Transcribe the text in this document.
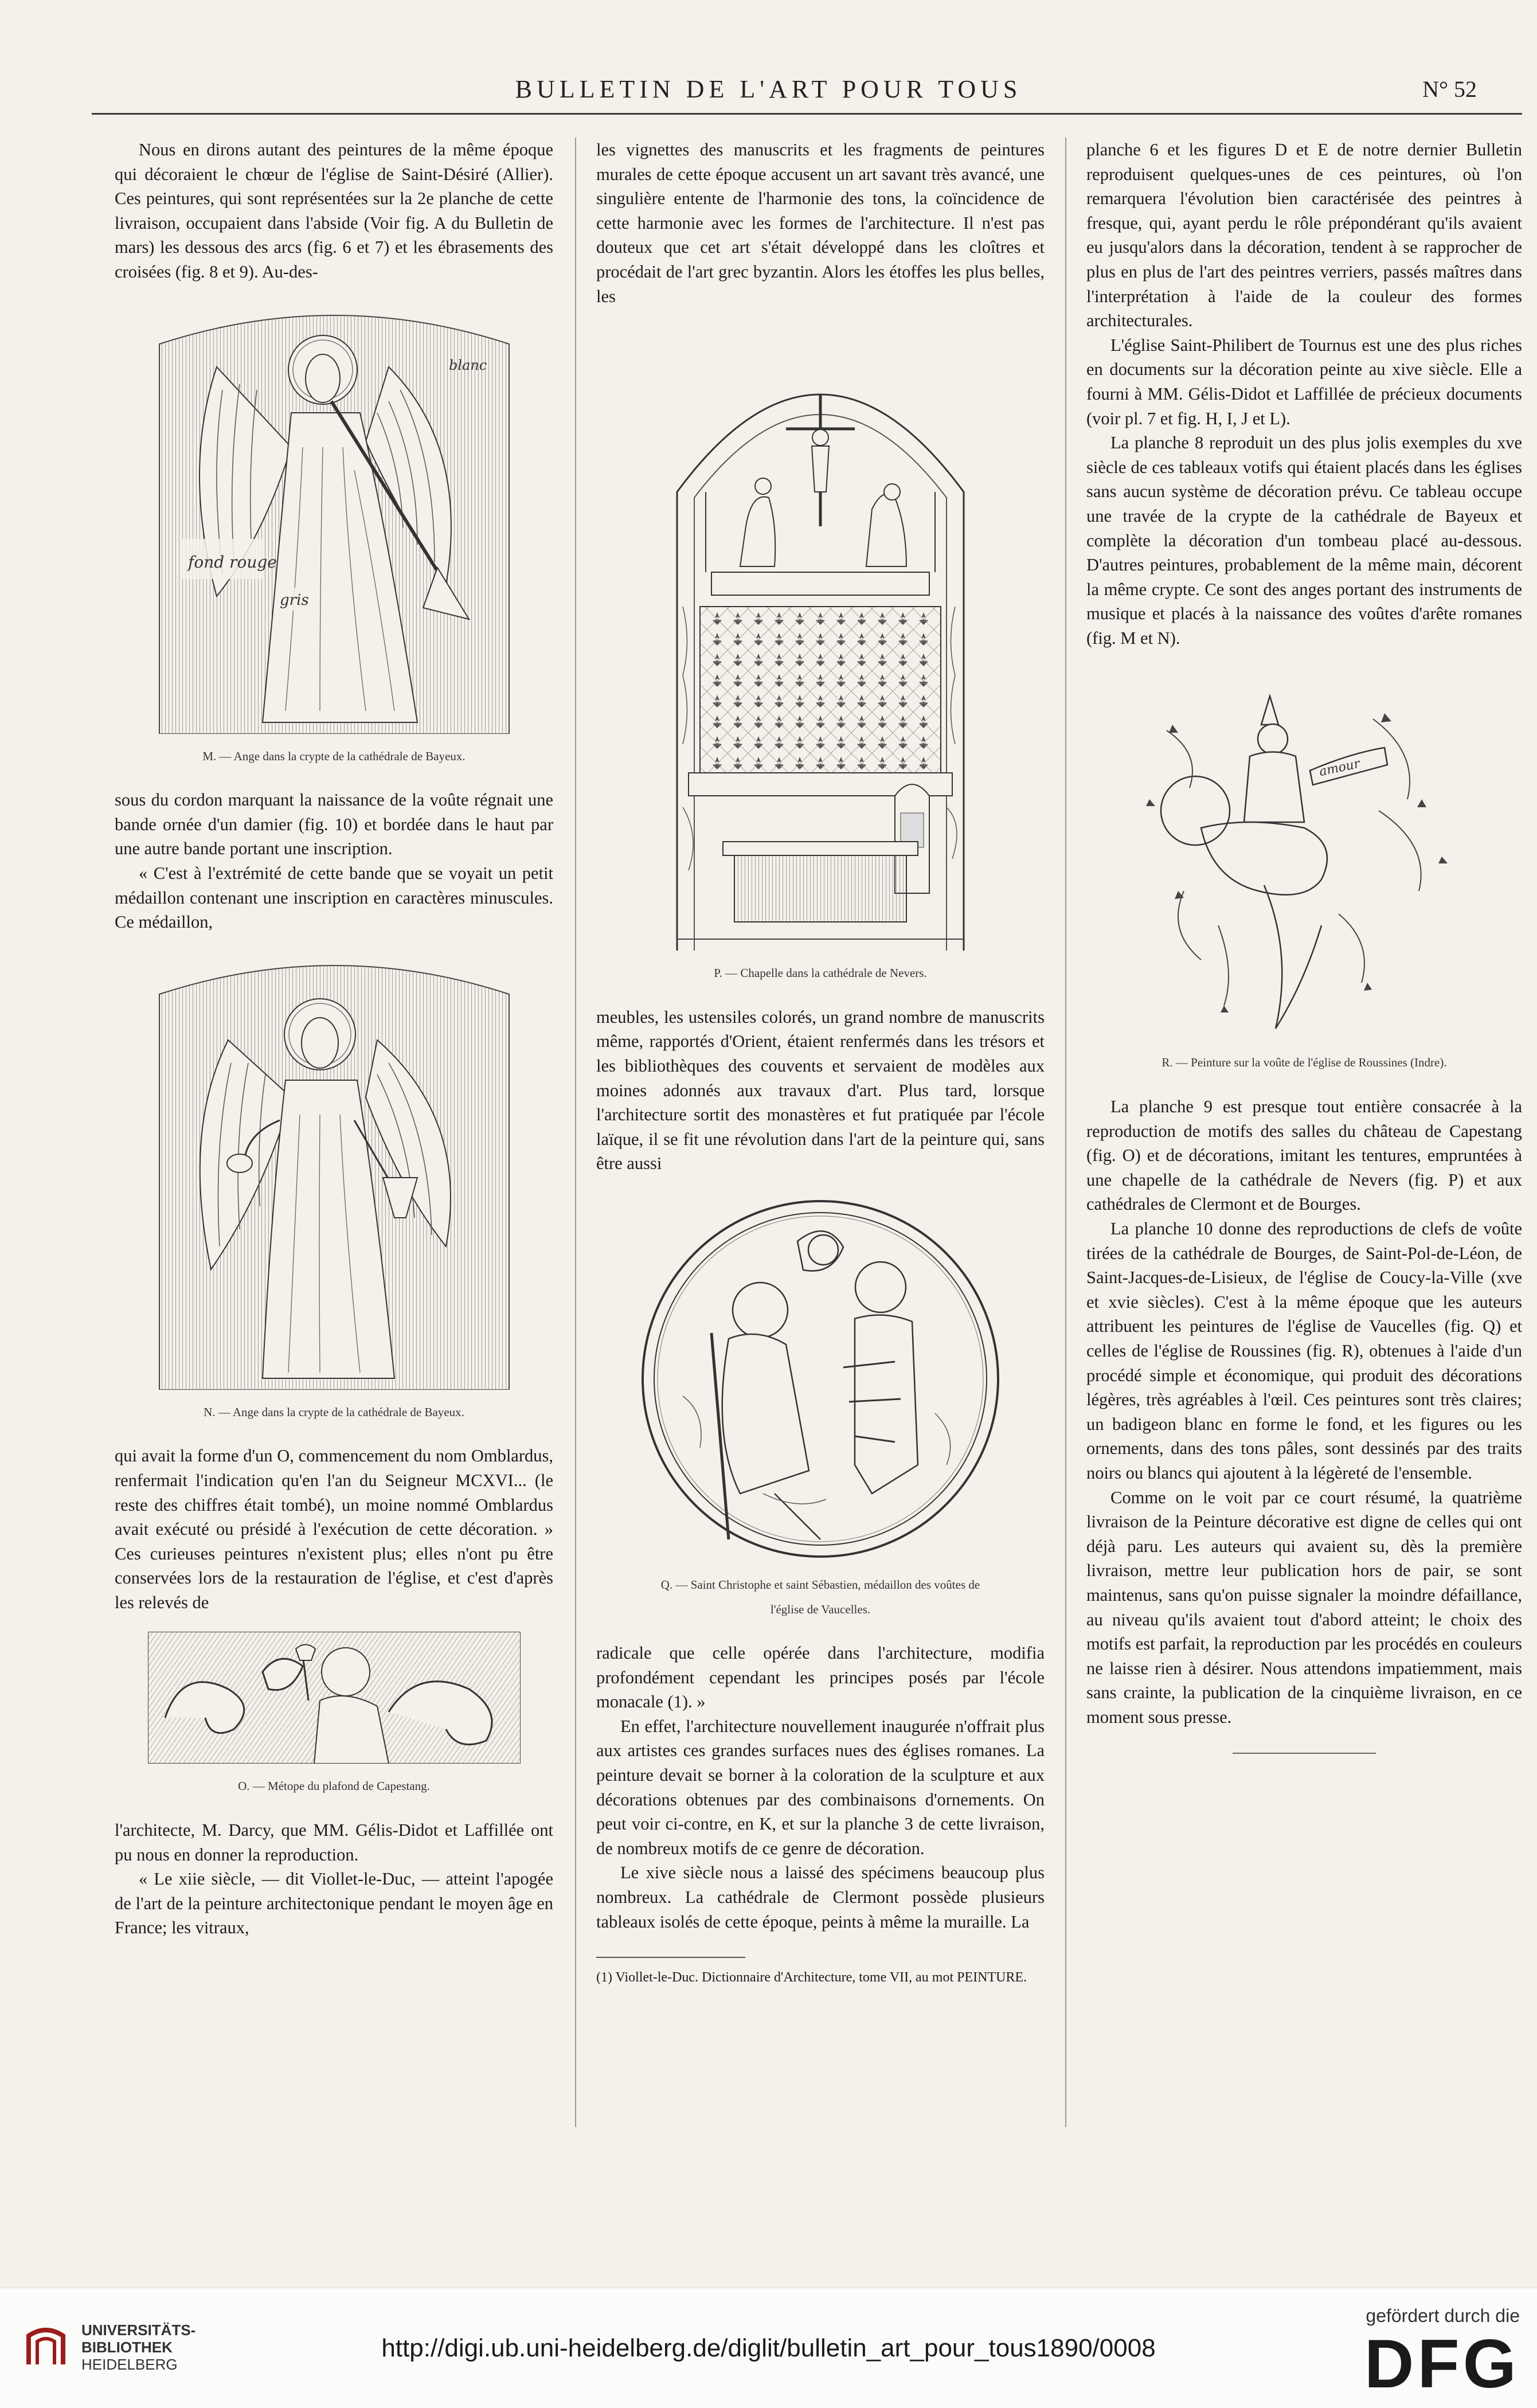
BULLETIN DE L'ART POUR TOUS	N° 52

Nous en dirons autant des peintures de la même époque qui décoraient le chœur de l'église de Saint-Désiré (Allier). Ces peintures, qui sont représentées sur la 2e planche de cette livraison, occupaient dans l'abside (Voir fig. A du Bulletin de mars) les dessous des arcs (fig. 6 et 7) et les ébrasements des croisées (fig. 8 et 9). Au-des-

fond rouge
gris
blanc
M. — Ange dans la crypte de la cathédrale de Bayeux.

sous du cordon marquant la naissance de la voûte régnait une bande ornée d'un damier (fig. 10) et bordée dans le haut par une autre bande portant une inscription.

« C'est à l'extrémité de cette bande que se voyait un petit médaillon contenant une inscription en caractères minuscules. Ce médaillon,

N. — Ange dans la crypte de la cathédrale de Bayeux.

qui avait la forme d'un O, commencement du nom Omblardus, renfermait l'indication qu'en l'an du Seigneur MCXVI... (le reste des chiffres était tombé), un moine nommé Omblardus avait exécuté ou présidé à l'exécution de cette décoration. » Ces curieuses peintures n'existent plus; elles n'ont pu être conservées lors de la restauration de l'église, et c'est d'après les relevés de

O. — Métope du plafond de Capestang.

l'architecte, M. Darcy, que MM. Gélis-Didot et Laffillée ont pu nous en donner la reproduction.

« Le xiie siècle, — dit Viollet-le-Duc, — atteint l'apogée de l'art de la peinture architectonique pendant le moyen âge en France; les vitraux,

les vignettes des manuscrits et les fragments de peintures murales de cette époque accusent un art savant très avancé, une singulière entente de l'harmonie des tons, la coïncidence de cette harmonie avec les formes de l'architecture. Il n'est pas douteux que cet art s'était développé dans les cloîtres et procédait de l'art grec byzantin. Alors les étoffes les plus belles, les

P. — Chapelle dans la cathédrale de Nevers.

meubles, les ustensiles colorés, un grand nombre de manuscrits même, rapportés d'Orient, étaient renfermés dans les trésors et les bibliothèques des couvents et servaient de modèles aux moines adonnés aux travaux d'art. Plus tard, lorsque l'architecture sortit des monastères et fut pratiquée par l'école laïque, il se fit une révolution dans l'art de la peinture qui, sans être aussi

Q. — Saint Christophe et saint Sébastien, médaillon des voûtes de l'église de Vaucelles.

radicale que celle opérée dans l'architecture, modifia profondément cependant les principes posés par l'école monacale (1). »

En effet, l'architecture nouvellement inaugurée n'offrait plus aux artistes ces grandes surfaces nues des églises romanes. La peinture devait se borner à la coloration de la sculpture et aux décorations obtenues par des combinaisons d'ornements. On peut voir ci-contre, en K, et sur la planche 3 de cette livraison, de nombreux motifs de ce genre de décoration.

Le xive siècle nous a laissé des spécimens beaucoup plus nombreux. La cathédrale de Clermont possède plusieurs tableaux isolés de cette époque, peints à même la muraille. La

(1) Viollet-le-Duc. Dictionnaire d'Architecture, tome VII, au mot PEINTURE.

planche 6 et les figures D et E de notre dernier Bulletin reproduisent quelques-unes de ces peintures, où l'on remarquera l'évolution bien caractérisée des peintres à fresque, qui, ayant perdu le rôle prépondérant qu'ils avaient eu jusqu'alors dans la décoration, tendent à se rapprocher de plus en plus de l'art des peintres verriers, passés maîtres dans l'interprétation à l'aide de la couleur des formes architecturales.

L'église Saint-Philibert de Tournus est une des plus riches en documents sur la décoration peinte au xive siècle. Elle a fourni à MM. Gélis-Didot et Laffillée de précieux documents (voir pl. 7 et fig. H, I, J et L).

La planche 8 reproduit un des plus jolis exemples du xve siècle de ces tableaux votifs qui étaient placés dans les églises sans aucun système de décoration prévu. Ce tableau occupe une travée de la crypte de la cathédrale de Bayeux et complète la décoration d'un tombeau placé au-dessous. D'autres peintures, probablement de la même main, décorent la même crypte. Ce sont des anges portant des instruments de musique et placés à la naissance des voûtes d'arête romanes (fig. M et N).

amour
R. — Peinture sur la voûte de l'église de Roussines (Indre).

La planche 9 est presque tout entière consacrée à la reproduction de motifs des salles du château de Capestang (fig. O) et de décorations, imitant les tentures, empruntées à une chapelle de la cathédrale de Nevers (fig. P) et aux cathédrales de Clermont et de Bourges.

La planche 10 donne des reproductions de clefs de voûte tirées de la cathédrale de Bourges, de Saint-Pol-de-Léon, de Saint-Jacques-de-Lisieux, de l'église de Coucy-la-Ville (xve et xvie siècles). C'est à la même époque que les auteurs attribuent les peintures de l'église de Vaucelles (fig. Q) et celles de l'église de Roussines (fig. R), obtenues à l'aide d'un procédé simple et économique, qui produit des décorations légères, très agréables à l'œil. Ces peintures sont très claires; un badigeon blanc en forme le fond, et les figures ou les ornements, dans des tons pâles, sont dessinés par des traits noirs ou blancs qui ajoutent à la légèreté de l'ensemble.

Comme on le voit par ce court résumé, la quatrième livraison de la Peinture décorative est digne de celles qui ont déjà paru. Les auteurs qui avaient su, dès la première livraison, mettre leur publication hors de pair, se sont maintenus, sans qu'on puisse signaler la moindre défaillance, au niveau qu'ils avaient tout d'abord atteint; le choix des motifs est parfait, la reproduction par les procédés en couleurs ne laisse rien à désirer. Nous attendons impatiemment, mais sans crainte, la publication de la cinquième livraison, en ce moment sous presse.

UNIVERSITÄTS-
BIBLIOTHEK
HEIDELBERG
http://digi.ub.uni-heidelberg.de/diglit/bulletin_art_pour_tous1890/0008
gefördert durch die
DFG
